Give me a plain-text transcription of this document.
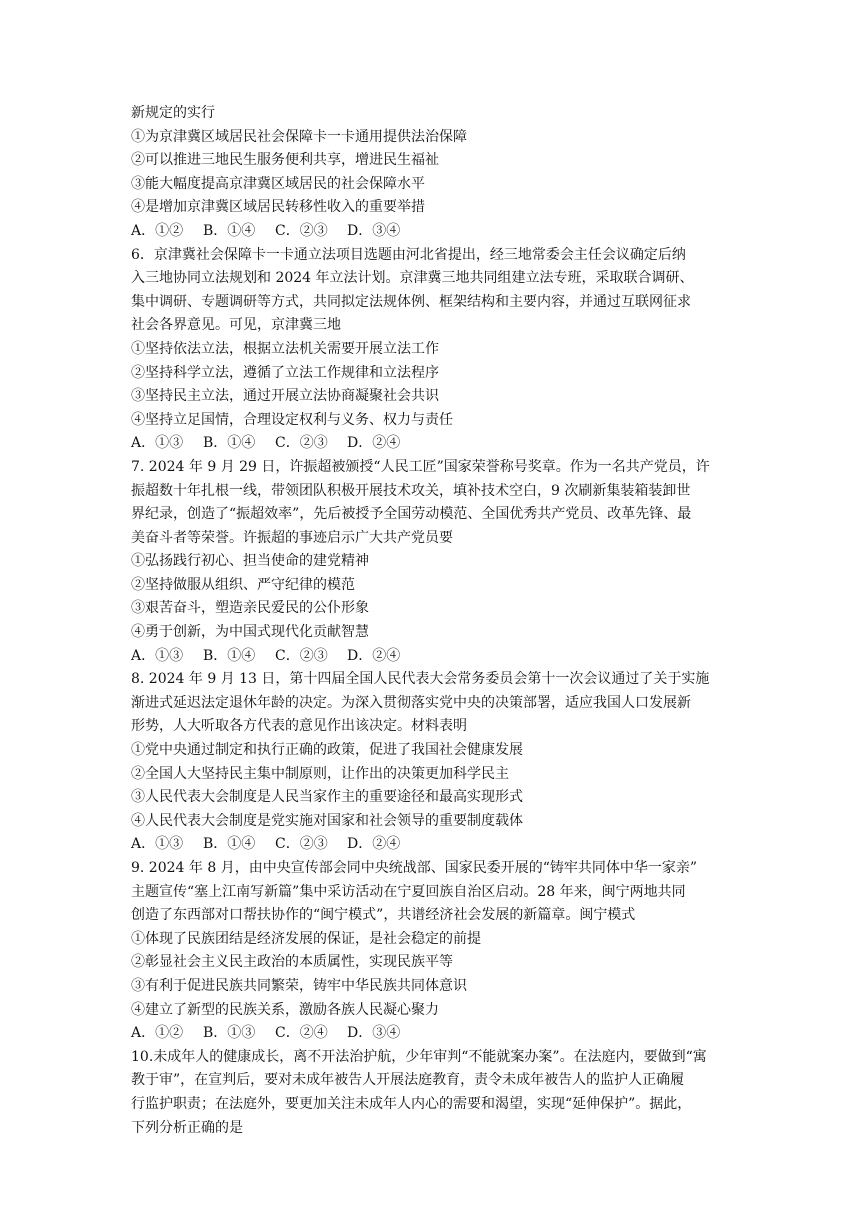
新规定的实行
①为京津冀区域居民社会保障卡一卡通用提供法治保障
②可以推进三地民生服务便利共享，增进民生福祉
③能大幅度提高京津冀区域居民的社会保障水平
④是增加京津冀区域居民转移性收入的重要举措
A．①②	B．①④	C．②③	D．③④
6．京津冀社会保障卡一卡通立法项目选题由河北省提出，经三地常委会主任会议确定后纳
入三地协同立法规划和 2024 年立法计划。京津冀三地共同组建立法专班，采取联合调研、
集中调研、专题调研等方式，共同拟定法规体例、框架结构和主要内容，并通过互联网征求
社会各界意见。可见，京津冀三地
①坚持依法立法，根据立法机关需要开展立法工作
②坚持科学立法，遵循了立法工作规律和立法程序
③坚持民主立法，通过开展立法协商凝聚社会共识
④坚持立足国情，合理设定权利与义务、权力与责任
A．①③	B．①④	C．②③	D．②④
7. 2024 年 9 月 29 日，许振超被颁授“人民工匠”国家荣誉称号奖章。作为一名共产党员，许
振超数十年扎根一线，带领团队积极开展技术攻关，填补技术空白，9 次刷新集装箱装卸世
界纪录，创造了“振超效率”，先后被授予全国劳动模范、全国优秀共产党员、改革先锋、最
美奋斗者等荣誉。许振超的事迹启示广大共产党员要
①弘扬践行初心、担当使命的建党精神
②坚持做服从组织、严守纪律的模范
③艰苦奋斗，塑造亲民爱民的公仆形象
④勇于创新，为中国式现代化贡献智慧
A．①③	B．①④	C．②③	D．②④
8. 2024 年 9 月 13 日，第十四届全国人民代表大会常务委员会第十一次会议通过了关于实施
渐进式延迟法定退休年龄的决定。为深入贯彻落实党中央的决策部署，适应我国人口发展新
形势，人大听取各方代表的意见作出该决定。材料表明
①党中央通过制定和执行正确的政策，促进了我国社会健康发展
②全国人大坚持民主集中制原则，让作出的决策更加科学民主
③人民代表大会制度是人民当家作主的重要途径和最高实现形式
④人民代表大会制度是党实施对国家和社会领导的重要制度载体
A．①③	B．①④	C．②③	D．②④
9. 2024 年 8 月，由中央宣传部会同中央统战部、国家民委开展的“铸牢共同体中华一家亲”
主题宣传“塞上江南写新篇”集中采访活动在宁夏回族自治区启动。28 年来，闽宁两地共同
创造了东西部对口帮扶协作的“闽宁模式”，共谱经济社会发展的新篇章。闽宁模式
①体现了民族团结是经济发展的保证，是社会稳定的前提
②彰显社会主义民主政治的本质属性，实现民族平等
③有利于促进民族共同繁荣，铸牢中华民族共同体意识
④建立了新型的民族关系，激励各族人民凝心聚力
A．①②	B．①③	C．②④	D．③④
10.未成年人的健康成长，离不开法治护航，少年审判“不能就案办案”。在法庭内，要做到“寓
教于审”，在宣判后，要对未成年被告人开展法庭教育，责令未成年被告人的监护人正确履
行监护职责；在法庭外，要更加关注未成年人内心的需要和渴望，实现“延伸保护”。据此，
下列分析正确的是
